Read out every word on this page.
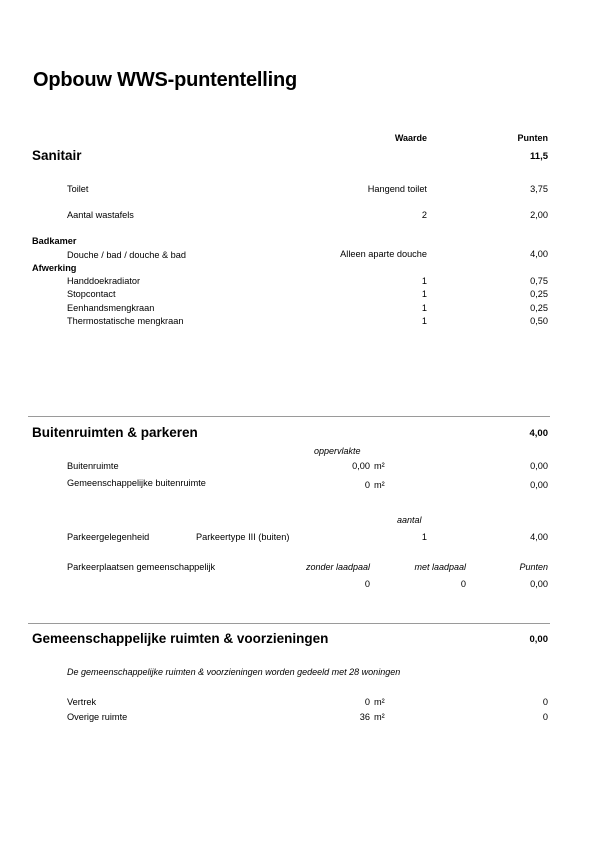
Opbouw WWS-puntentelling
Waarde	Punten
Sanitair	11,5
Toilet	Hangend toilet	3,75
Aantal wastafels	2	2,00
Badkamer
Douche / bad / douche & bad	Alleen aparte douche	4,00
Afwerking
Handdoekradiator	1	0,75
Stopcontact	1	0,25
Eenhandsmengkraan	1	0,25
Thermostatische mengkraan	1	0,50
Buitenruimten & parkeren	4,00
oppervlakte
Buitenruimte	0,00 m²	0,00
Gemeenschappelijke buitenruimte	0 m²	0,00
aantal
Parkeergelegenheid	Parkeertype III (buiten)	1	4,00
Parkeerplaatsen gemeenschappelijk	zonder laadpaal	met laadpaal	Punten
0	0	0,00
Gemeenschappelijke ruimten & voorzieningen	0,00
De gemeenschappelijke ruimten & voorzieningen worden gedeeld met 28 woningen
Vertrek	0 m²	0
Overige ruimte	36 m²	0
